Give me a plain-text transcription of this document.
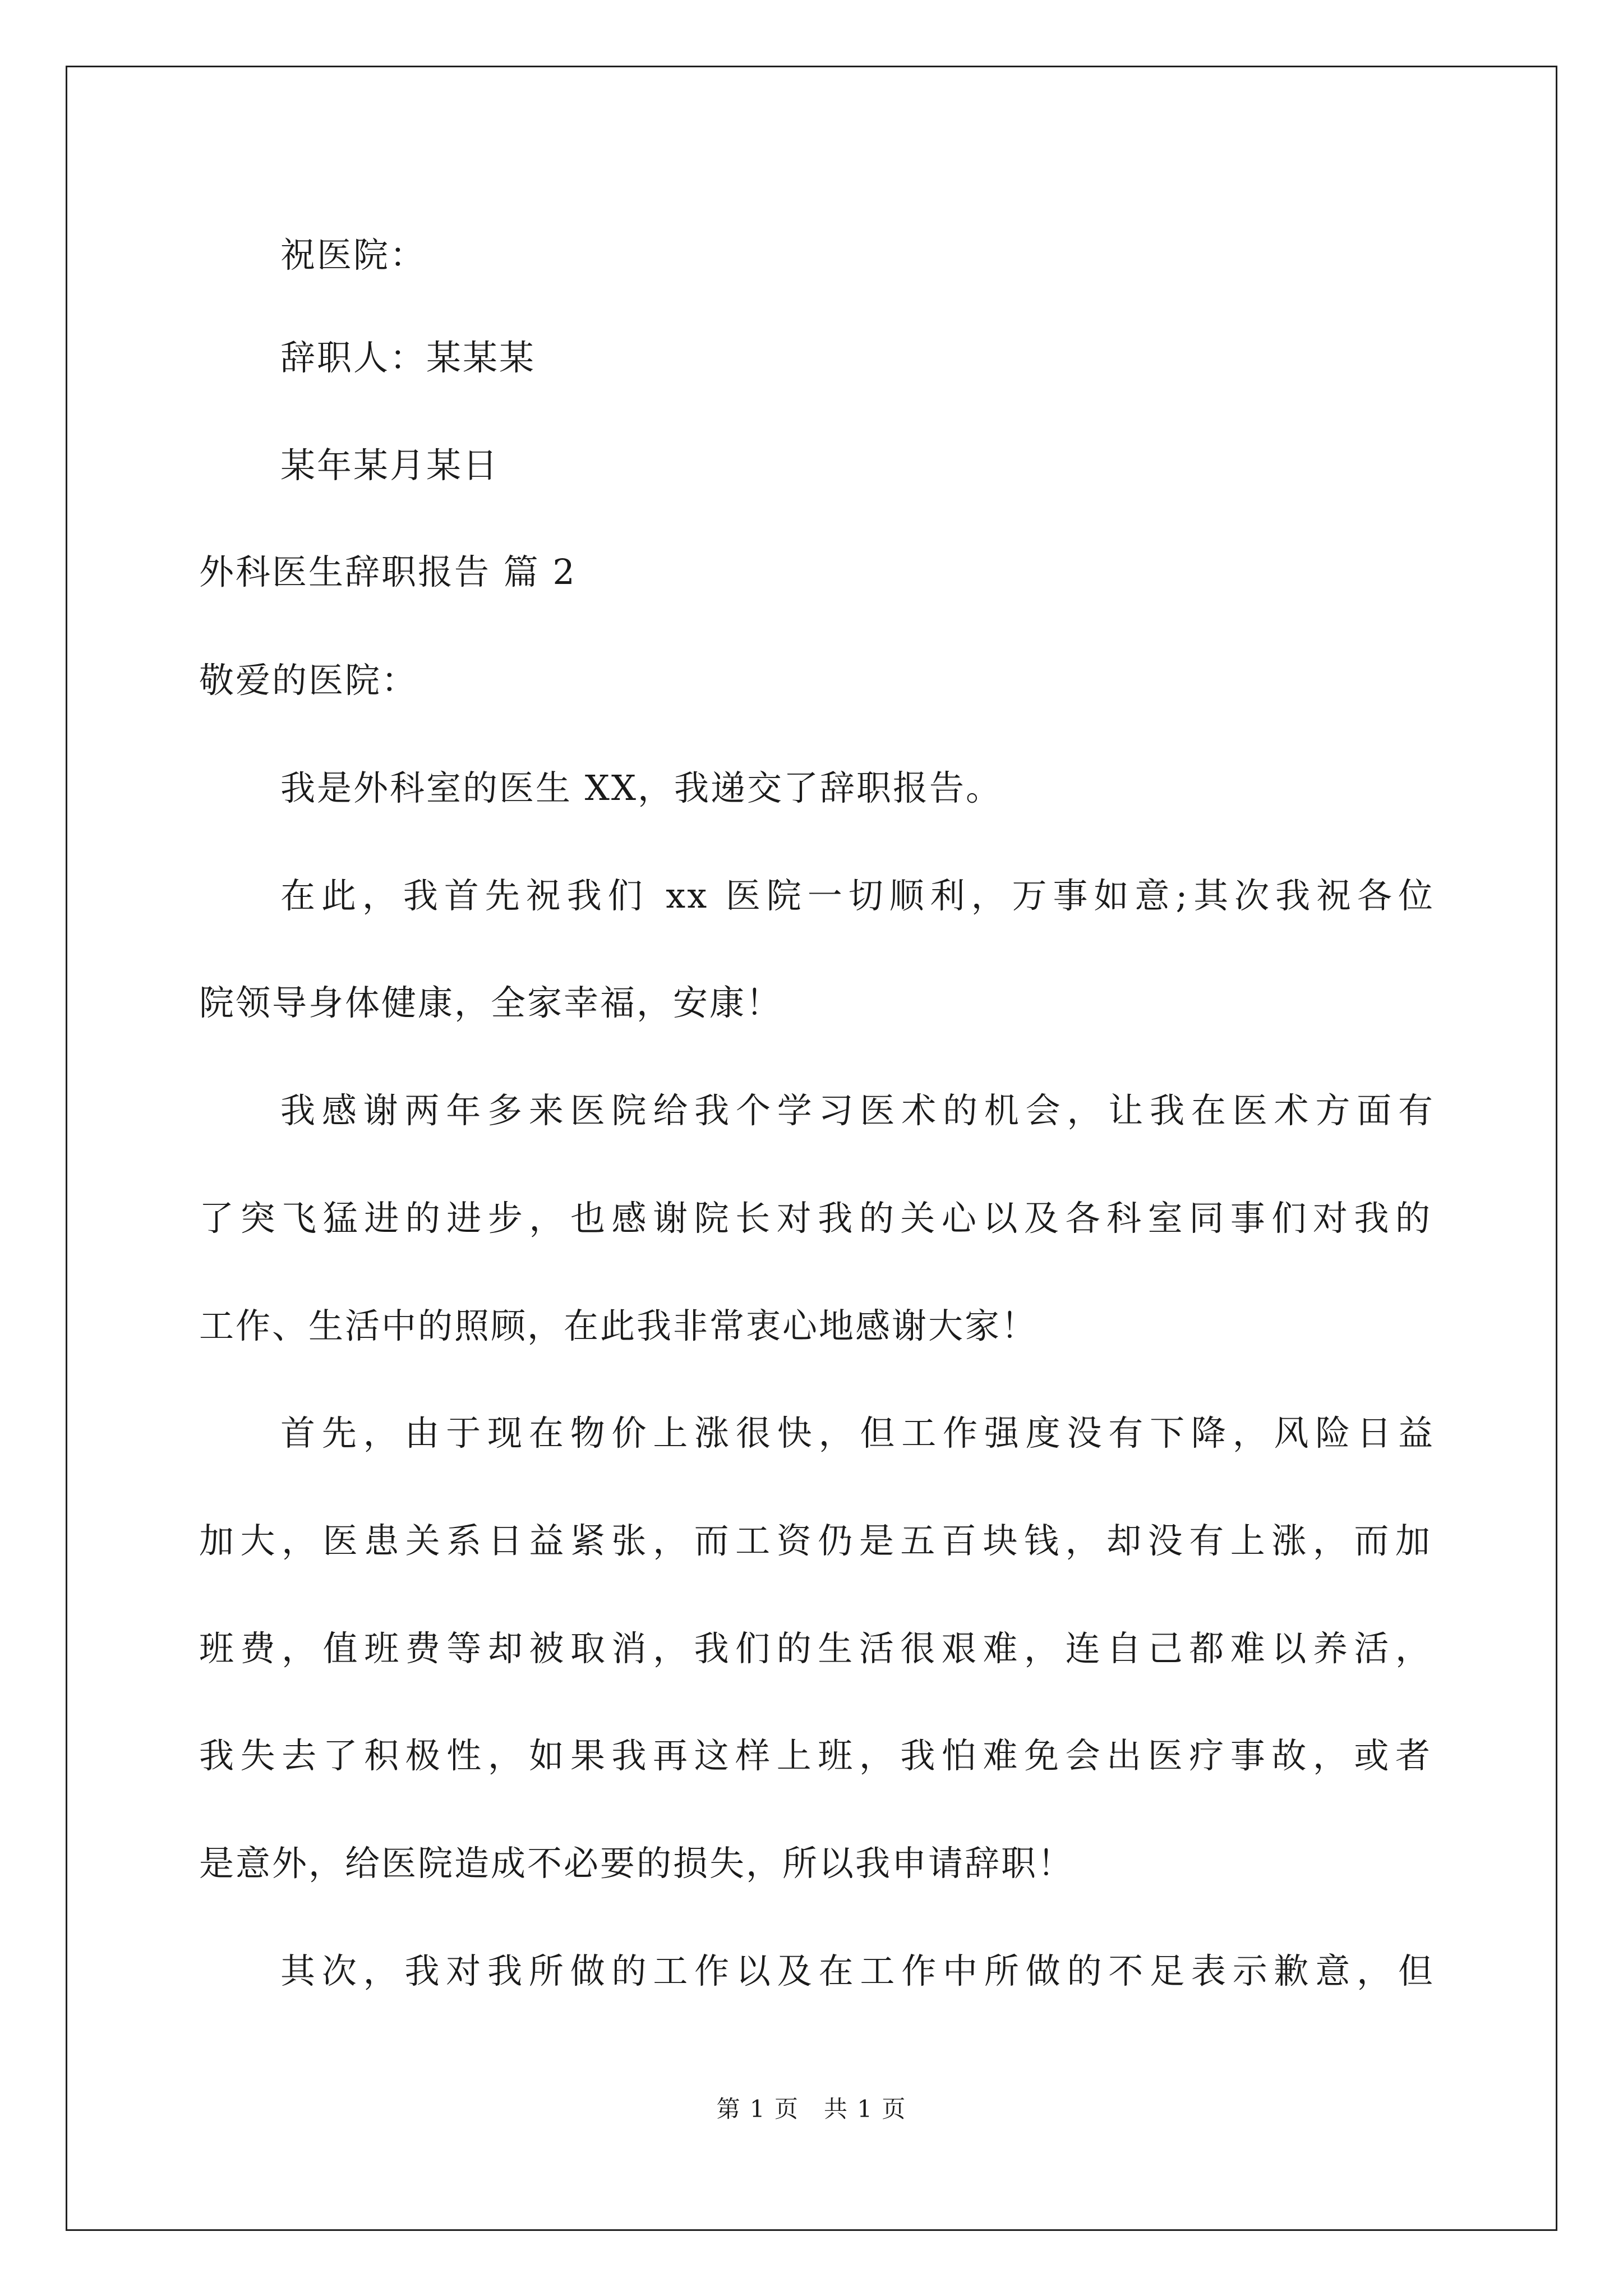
祝医院：
辞职人：某某某
某年某月某日
外科医生辞职报告 篇 2
敬爱的医院：
我是外科室的医生 XX，我递交了辞职报告。
在此，我首先祝我们 xx 医院一切顺利，万事如意;其次我祝各位
院领导身体健康，全家幸福，安康！
我感谢两年多来医院给我个学习医术的机会，让我在医术方面有
了突飞猛进的进步，也感谢院长对我的关心以及各科室同事们对我的
工作、生活中的照顾，在此我非常衷心地感谢大家！
首先，由于现在物价上涨很快，但工作强度没有下降，风险日益
加大，医患关系日益紧张，而工资仍是五百块钱，却没有上涨，而加
班费，值班费等却被取消，我们的生活很艰难，连自己都难以养活，
我失去了积极性，如果我再这样上班，我怕难免会出医疗事故，或者
是意外，给医院造成不必要的损失，所以我申请辞职！
其次，我对我所做的工作以及在工作中所做的不足表示歉意，但
第 1 页　共 1 页
